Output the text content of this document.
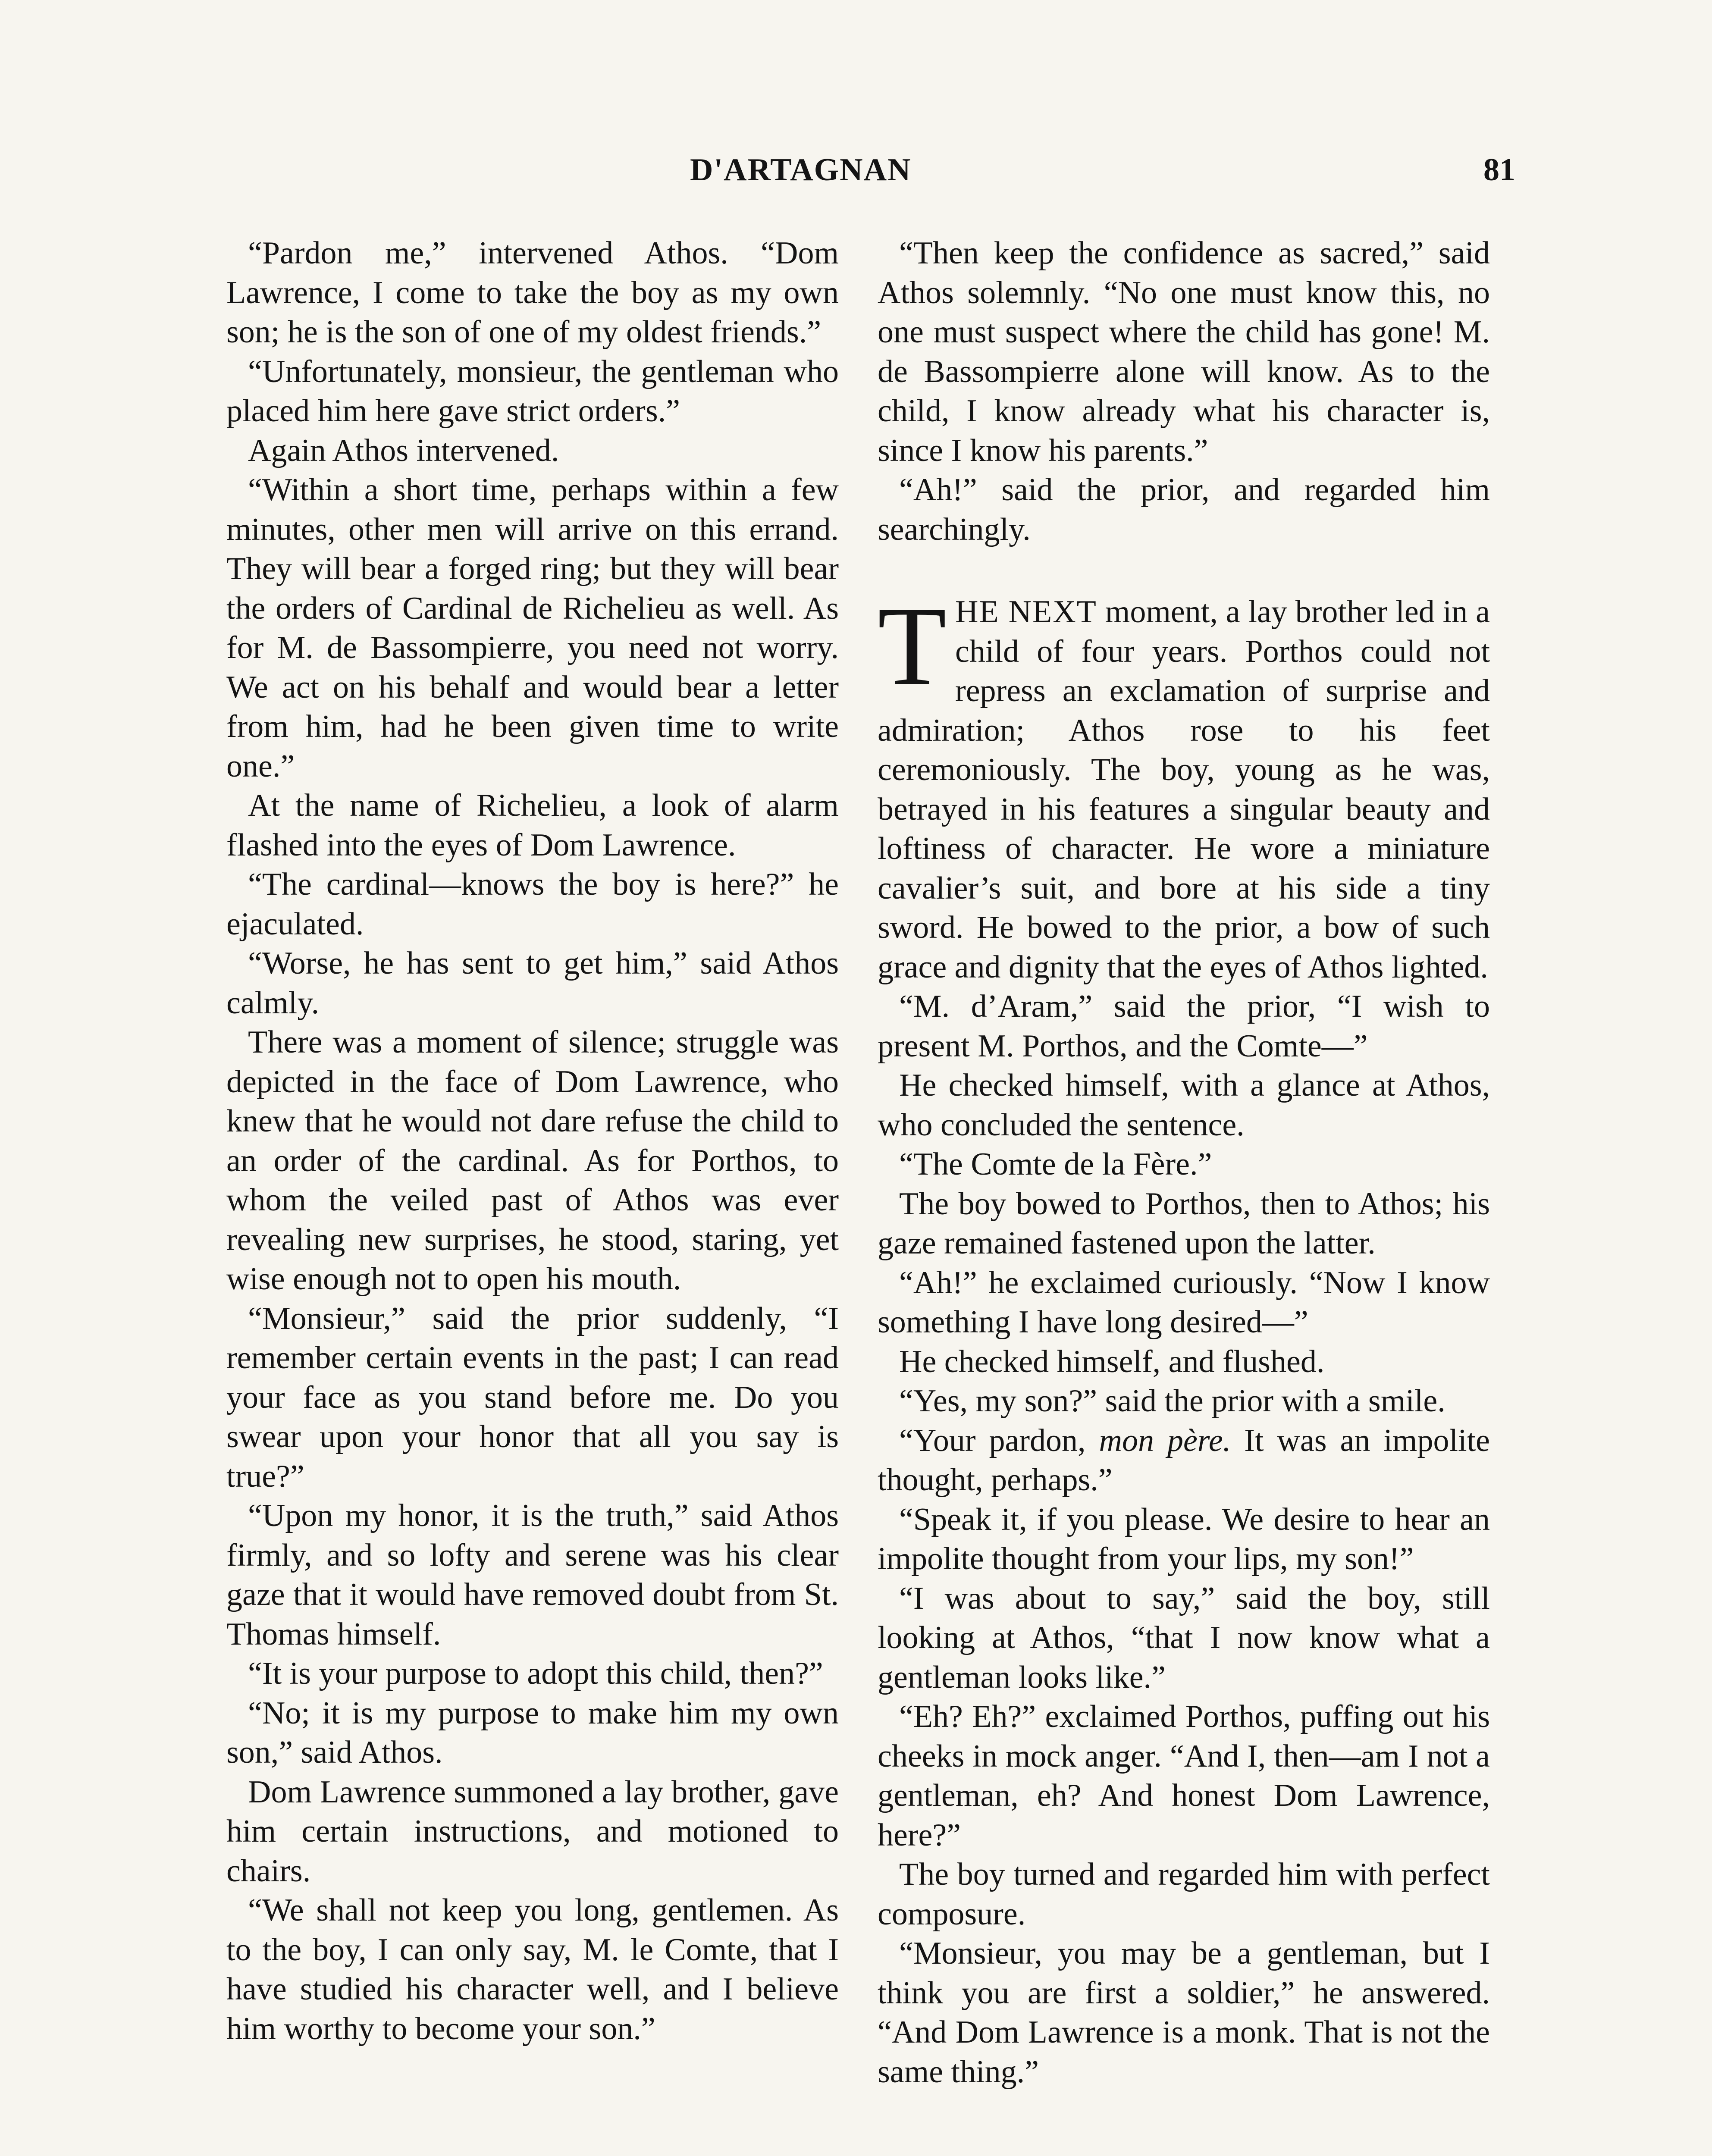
D'ARTAGNAN	81

“Pardon me,” intervened Athos. “Dom Lawrence, I come to take the boy as my own son; he is the son of one of my oldest friends.”

“Unfortunately, monsieur, the gentleman who placed him here gave strict orders.”

Again Athos intervened.

“Within a short time, perhaps within a few minutes, other men will arrive on this errand. They will bear a forged ring; but they will bear the orders of Cardinal de Richelieu as well. As for M. de Bassompierre, you need not worry. We act on his behalf and would bear a letter from him, had he been given time to write one.”

At the name of Richelieu, a look of alarm flashed into the eyes of Dom Lawrence.

“The cardinal—knows the boy is here?” he ejaculated.

“Worse, he has sent to get him,” said Athos calmly.

There was a moment of silence; struggle was depicted in the face of Dom Lawrence, who knew that he would not dare refuse the child to an order of the cardinal. As for Porthos, to whom the veiled past of Athos was ever revealing new surprises, he stood, staring, yet wise enough not to open his mouth.

“Monsieur,” said the prior suddenly, “I remember certain events in the past; I can read your face as you stand before me. Do you swear upon your honor that all you say is true?”

“Upon my honor, it is the truth,” said Athos firmly, and so lofty and serene was his clear gaze that it would have removed doubt from St. Thomas himself.

“It is your purpose to adopt this child, then?”

“No; it is my purpose to make him my own son,” said Athos.

Dom Lawrence summoned a lay brother, gave him certain instructions, and motioned to chairs.

“We shall not keep you long, gentlemen. As to the boy, I can only say, M. le Comte, that I have studied his character well, and I believe him worthy to become your son.”

“Then keep the confidence as sacred,” said Athos solemnly. “No one must know this, no one must suspect where the child has gone! M. de Bassompierre alone will know. As to the child, I know already what his character is, since I know his parents.”

“Ah!” said the prior, and regarded him searchingly.

T HE NEXT moment, a lay brother led in a child of four years. Porthos could not repress an exclamation of surprise and admiration; Athos rose to his feet ceremoniously. The boy, young as he was, betrayed in his features a singular beauty and loftiness of character. He wore a miniature cavalier’s suit, and bore at his side a tiny sword. He bowed to the prior, a bow of such grace and dignity that the eyes of Athos lighted.

“M. d’Aram,” said the prior, “I wish to present M. Porthos, and the Comte—”

He checked himself, with a glance at Athos, who concluded the sentence.

“The Comte de la Fère.”

The boy bowed to Porthos, then to Athos; his gaze remained fastened upon the latter.

“Ah!” he exclaimed curiously. “Now I know something I have long desired—”

He checked himself, and flushed.

“Yes, my son?” said the prior with a smile.

“Your pardon, mon père. It was an impolite thought, perhaps.”

“Speak it, if you please. We desire to hear an impolite thought from your lips, my son!”

“I was about to say,” said the boy, still looking at Athos, “that I now know what a gentleman looks like.”

“Eh? Eh?” exclaimed Porthos, puffing out his cheeks in mock anger. “And I, then—am I not a gentleman, eh? And honest Dom Lawrence, here?”

The boy turned and regarded him with perfect composure.

“Monsieur, you may be a gentleman, but I think you are first a soldier,” he answered. “And Dom Lawrence is a monk. That is not the same thing.”
